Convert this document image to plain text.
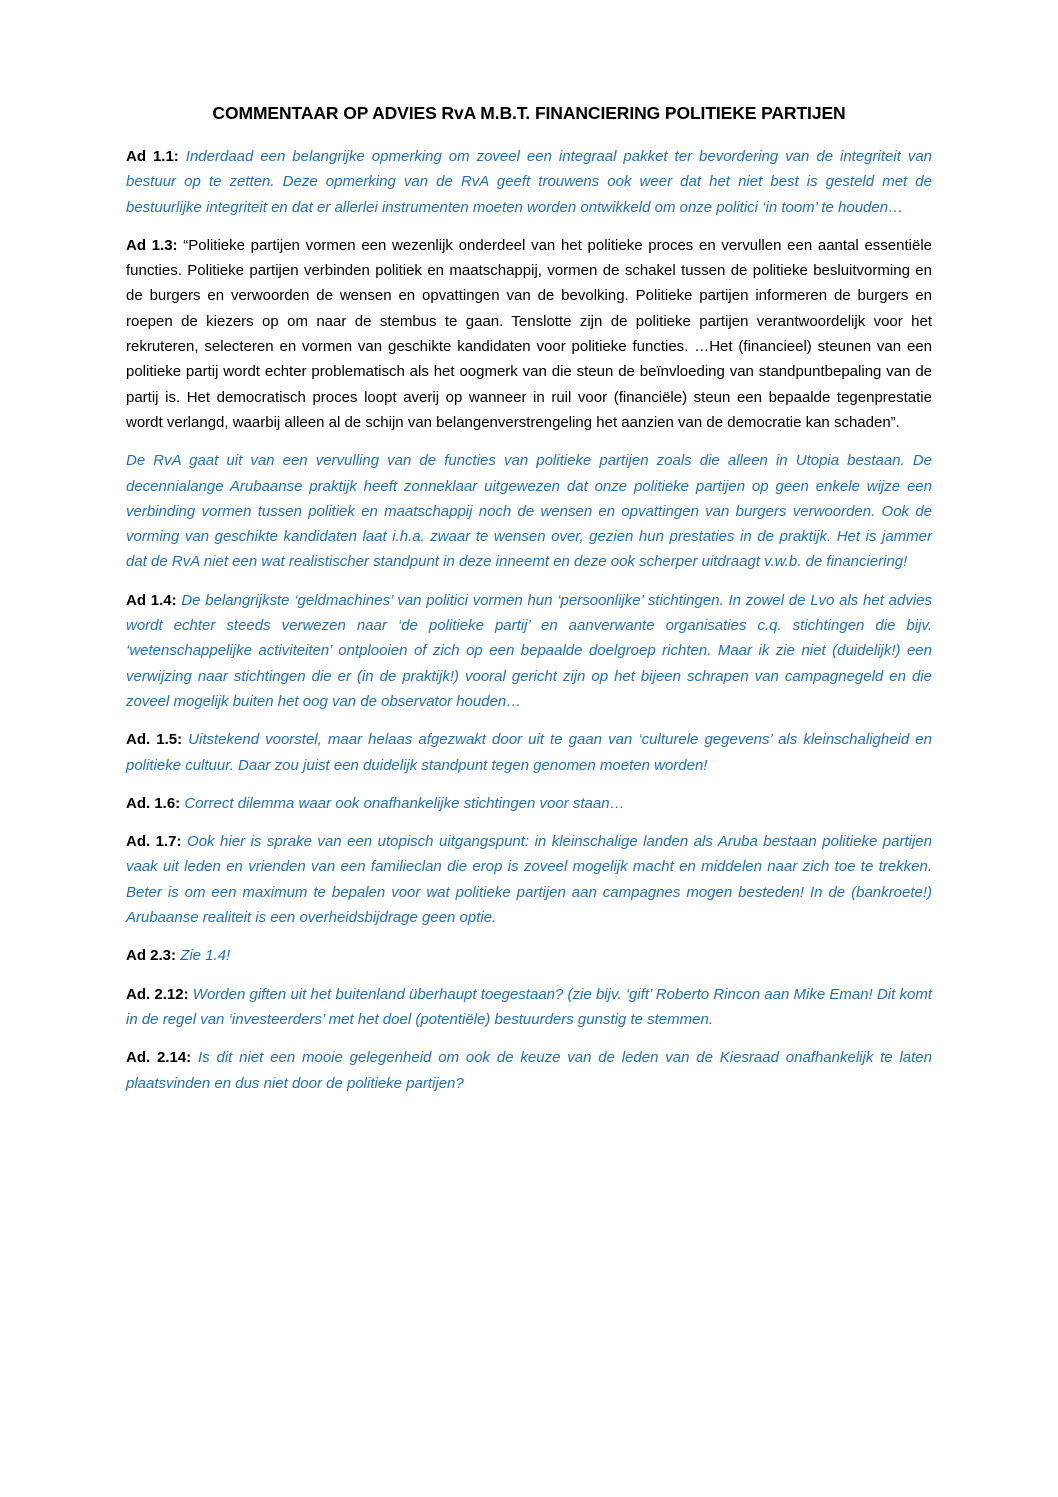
COMMENTAAR OP ADVIES RvA M.B.T. FINANCIERING POLITIEKE PARTIJEN

Ad 1.1: Inderdaad een belangrijke opmerking om zoveel een integraal pakket ter bevordering van de integriteit van bestuur op te zetten. Deze opmerking van de RvA geeft trouwens ook weer dat het niet best is gesteld met de bestuurlijke integriteit en dat er allerlei instrumenten moeten worden ontwikkeld om onze politici ‘in toom’ te houden…

Ad 1.3: “Politieke partijen vormen een wezenlijk onderdeel van het politieke proces en vervullen een aantal essentiële functies. Politieke partijen verbinden politiek en maatschappij, vormen de schakel tussen de politieke besluitvorming en de burgers en verwoorden de wensen en opvattingen van de bevolking. Politieke partijen informeren de burgers en roepen de kiezers op om naar de stembus te gaan. Tenslotte zijn de politieke partijen verantwoordelijk voor het rekruteren, selecteren en vormen van geschikte kandidaten voor politieke functies. …Het (financieel) steunen van een politieke partij wordt echter problematisch als het oogmerk van die steun de beïnvloeding van standpuntbepaling van de partij is. Het democratisch proces loopt averij op wanneer in ruil voor (financiële) steun een bepaalde tegenprestatie wordt verlangd, waarbij alleen al de schijn van belangenverstrengeling het aanzien van de democratie kan schaden”.

De RvA gaat uit van een vervulling van de functies van politieke partijen zoals die alleen in Utopia bestaan. De decennialange Arubaanse praktijk heeft zonneklaar uitgewezen dat onze politieke partijen op geen enkele wijze een verbinding vormen tussen politiek en maatschappij noch de wensen en opvattingen van burgers verwoorden. Ook de vorming van geschikte kandidaten laat i.h.a. zwaar te wensen over, gezien hun prestaties in de praktijk. Het is jammer dat de RvA niet een wat realistischer standpunt in deze inneemt en deze ook scherper uitdraagt v.w.b. de financiering!

Ad 1.4: De belangrijkste ‘geldmachines’ van politici vormen hun ‘persoonlijke’ stichtingen. In zowel de Lvo als het advies wordt echter steeds verwezen naar ‘de politieke partij’ en aanverwante organisaties c.q. stichtingen die bijv. ‘wetenschappelijke activiteiten’ ontplooien of zich op een bepaalde doelgroep richten. Maar ik zie niet (duidelijk!) een verwijzing naar stichtingen die er (in de praktijk!) vooral gericht zijn op het bijeen schrapen van campagnegeld en die zoveel mogelijk buiten het oog van de observator houden…

Ad. 1.5: Uitstekend voorstel, maar helaas afgezwakt door uit te gaan van ‘culturele gegevens’ als kleinschaligheid en politieke cultuur. Daar zou juist een duidelijk standpunt tegen genomen moeten worden!

Ad. 1.6: Correct dilemma waar ook onafhankelijke stichtingen voor staan…

Ad. 1.7: Ook hier is sprake van een utopisch uitgangspunt: in kleinschalige landen als Aruba bestaan politieke partijen vaak uit leden en vrienden van een familieclan die erop is zoveel mogelijk macht en middelen naar zich toe te trekken. Beter is om een maximum te bepalen voor wat politieke partijen aan campagnes mogen besteden! In de (bankroete!) Arubaanse realiteit is een overheidsbijdrage geen optie.

Ad 2.3: Zie 1.4!

Ad. 2.12: Worden giften uit het buitenland überhaupt toegestaan? (zie bijv. ‘gift’ Roberto Rincon aan Mike Eman! Dit komt in de regel van ‘investeerders’ met het doel (potentiële) bestuurders gunstig te stemmen.

Ad. 2.14: Is dit niet een mooie gelegenheid om ook de keuze van de leden van de Kiesraad onafhankelijk te laten plaatsvinden en dus niet door de politieke partijen?
